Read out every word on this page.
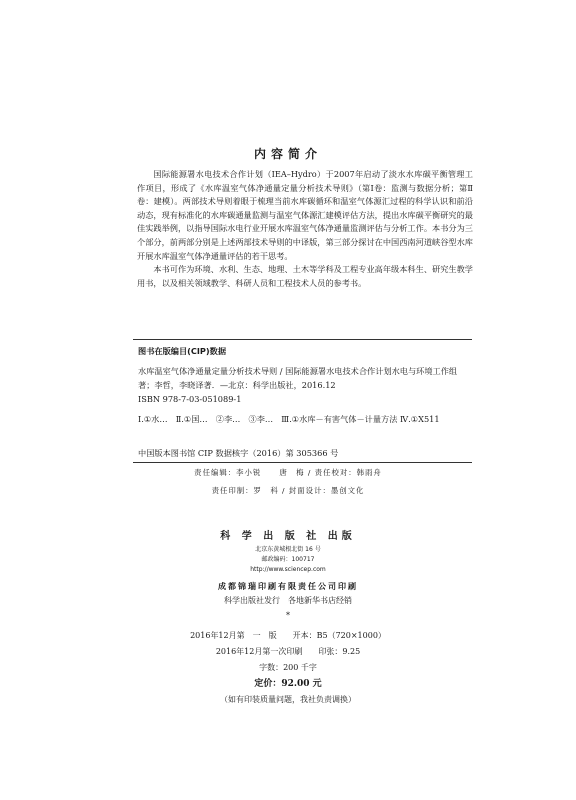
内容简介

国际能源署水电技术合作计划（IEA–Hydro）于2007年启动了淡水水库碳平衡管理工作项目，形成了《水库温室气体净通量定量分析技术导则》（第Ⅰ卷：监测与数据分析；第Ⅱ卷：建模）。两部技术导则着眼于梳理当前水库碳循环和温室气体源汇过程的科学认识和前沿动态，现有标准化的水库碳通量监测与温室气体源汇建模评估方法，提出水库碳平衡研究的最佳实践举例，以指导国际水电行业开展水库温室气体净通量监测评估与分析工作。本书分为三个部分，前两部分别是上述两部技术导则的中译版，第三部分探讨在中国西南河道峡谷型水库开展水库温室气体净通量评估的若干思考。

本书可作为环境、水利、生态、地理、土木等学科及工程专业高年级本科生、研究生教学用书，以及相关领域教学、科研人员和工程技术人员的参考书。

图书在版编目(CIP)数据

水库温室气体净通量定量分析技术导则 / 国际能源署水电技术合作计划水电与环境工作组著；李哲，李晓译著．—北京：科学出版社，2016.12

ISBN 978-7-03-051089-1

Ⅰ.①水…　Ⅱ.①国…　②李…　③李…　Ⅲ.①水库－有害气体－计量方法 Ⅳ.①X511

中国版本图书馆 CIP 数据核字（2016）第 305366 号

责任编辑：李小锐 唐　梅 / 责任校对：韩雨舟
责任印制：罗　科 / 封面设计：墨创文化
科 学 出 版 社 出版
北京东黄城根北街 16 号
邮政编码：100717
http://www.sciencep.com
成都锦瑞印刷有限责任公司印刷
科学出版社发行　各地新华书店经销
*
2016年12月第　一　版　　开本：B5（720×1000）
2016年12月第一次印刷　　印张：9.25
字数：200 千字
定价：92.00 元
（如有印装质量问题，我社负责调换）
